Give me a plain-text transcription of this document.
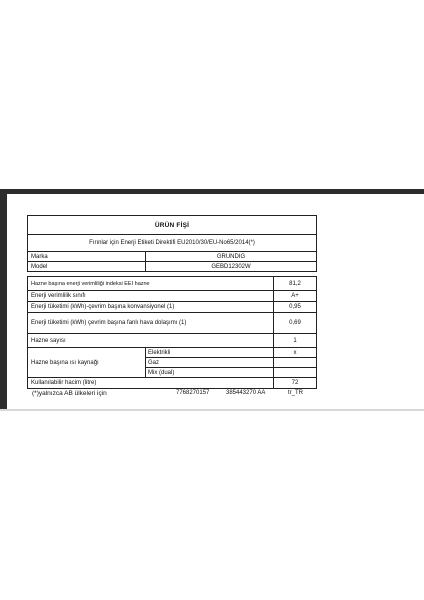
ÜRÜN FİŞİ
Fırınlar için Enerji Etiketi Direktifi EU2010/30/EU-No65/2014(*)
Marka	GRUNDIG
Model	GEBD12302W
Hazne başına enerji verimliliği indeksi EEI hazne	81,2
Enerji verimlilik sınıfı	A+
Enerji tüketimi (kWh)-çevrim başına konvansiyonel (1)	0,95
Enerji tüketimi (kWh) çevrim başına fanlı hava dolaşımı (1)	0,69
Hazne sayısı	1
Hazne başına ısı kaynağı
Elektrikli	x
Gaz
Mix (dual)
Kullanılabilir hacim (litre)	72
(*)yalnızca AB ülkeleri için	7768270157	385443270 AA	tr_TR
